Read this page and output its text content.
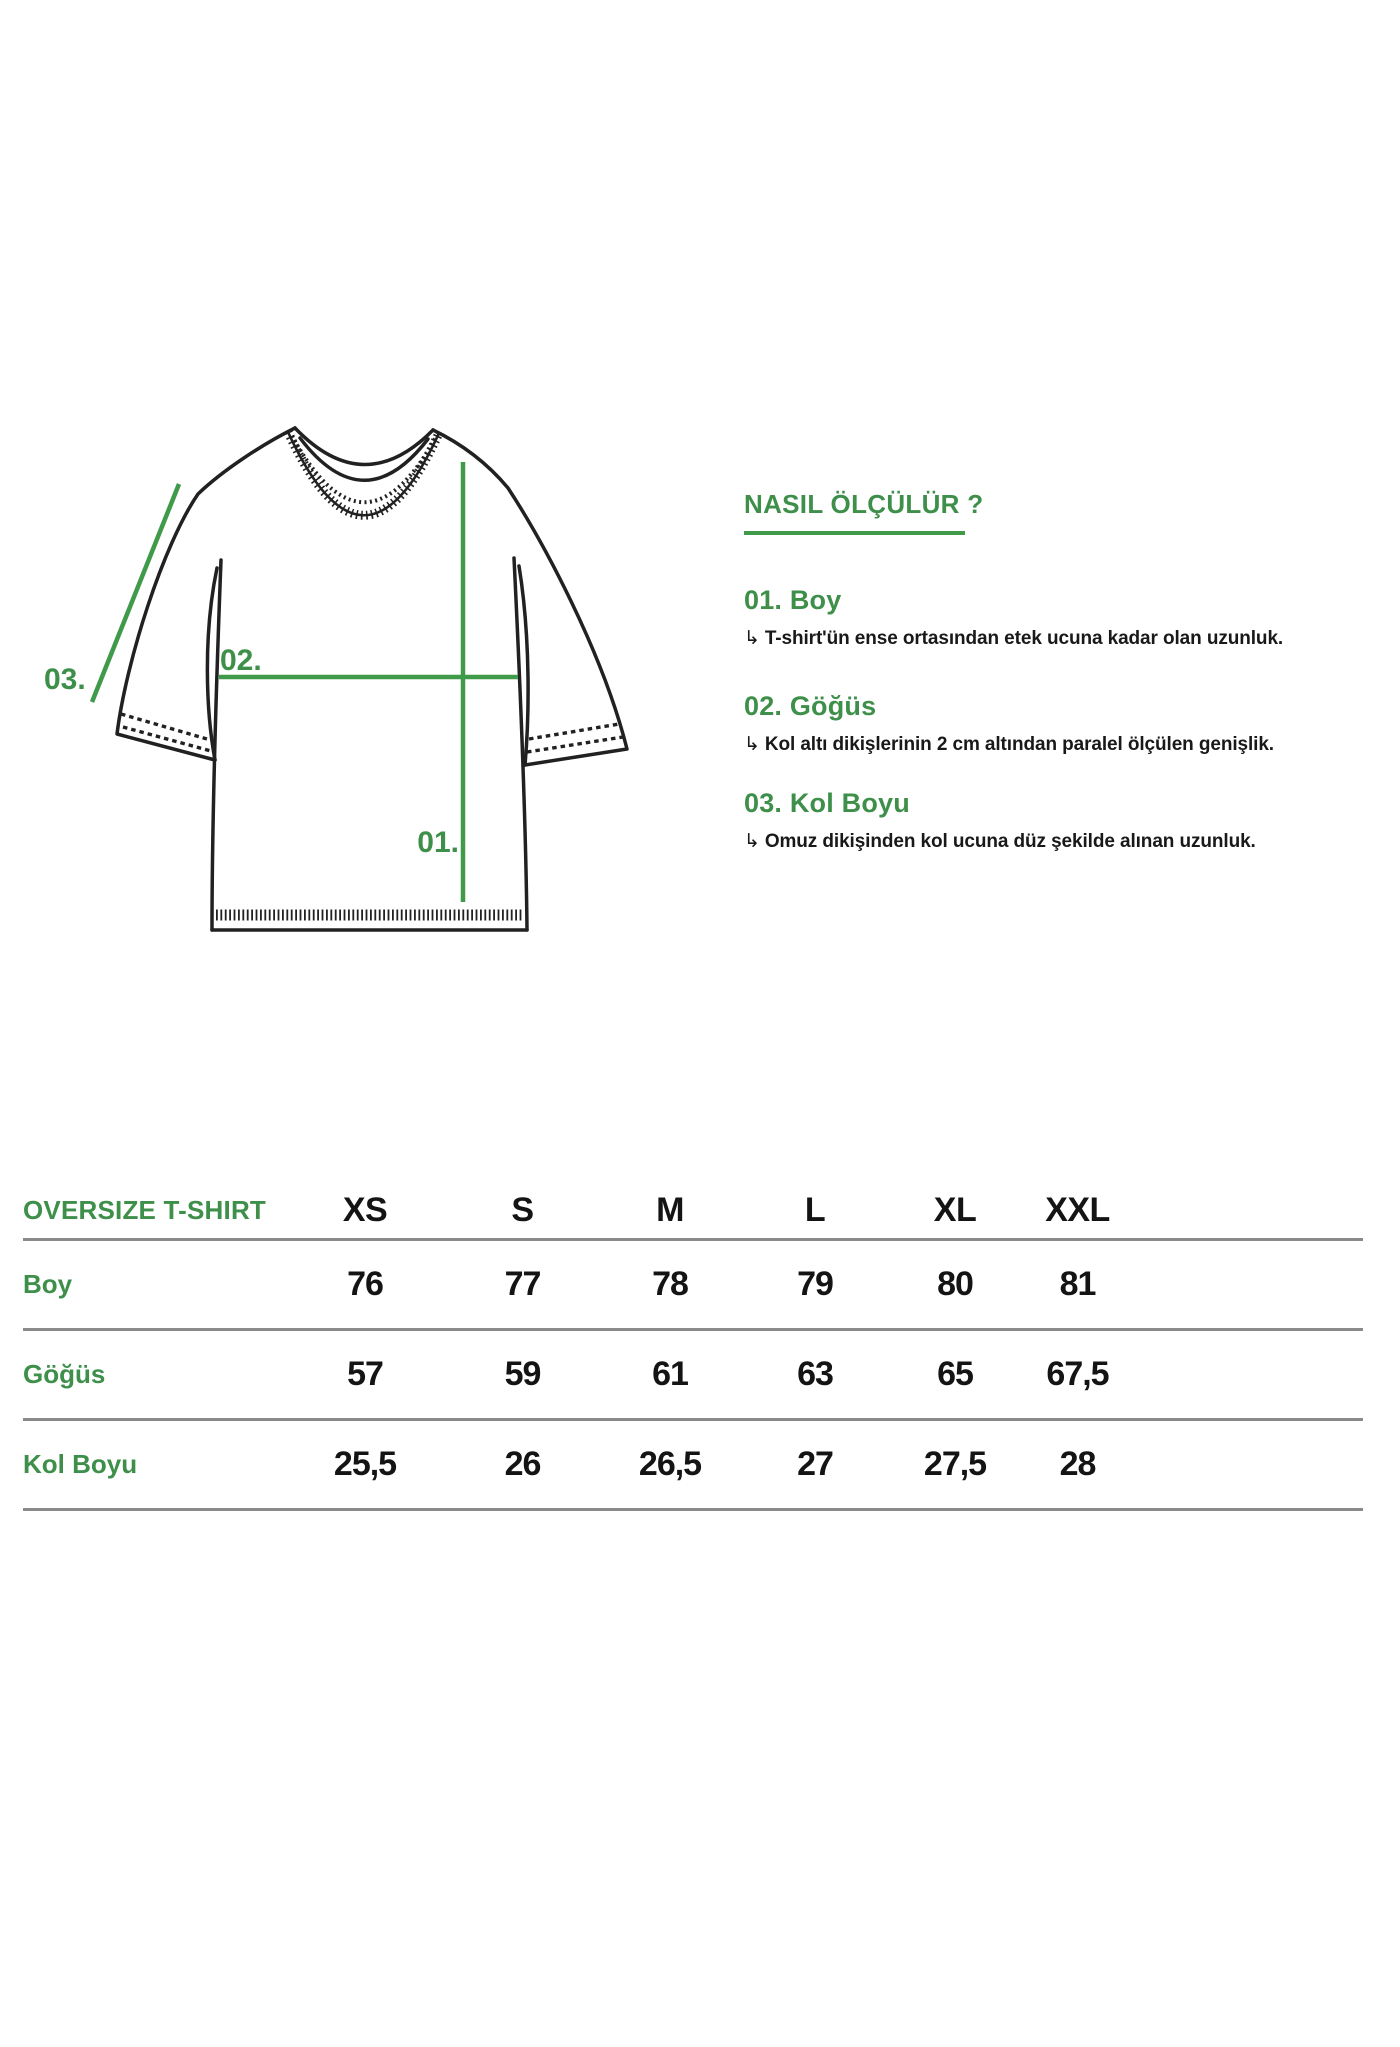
01.
02.
03.
NASIL ÖLÇÜLÜR ?
01. Boy

↳ T-shirt'ün ense ortasından etek ucuna kadar olan uzunluk.

02. Göğüs

↳ Kol altı dikişlerinin 2 cm altından paralel ölçülen genişlik.

03. Kol Boyu

↳ Omuz dikişinden kol ucuna düz şekilde alınan uzunluk.

OVERSIZE T-SHIRT	XS	S	M	L	XL	XXL	
Boy	76	77	78	79	80	81	
Göğüs	57	59	61	63	65	67,5	
Kol Boyu	25,5	26	26,5	27	27,5	28	
